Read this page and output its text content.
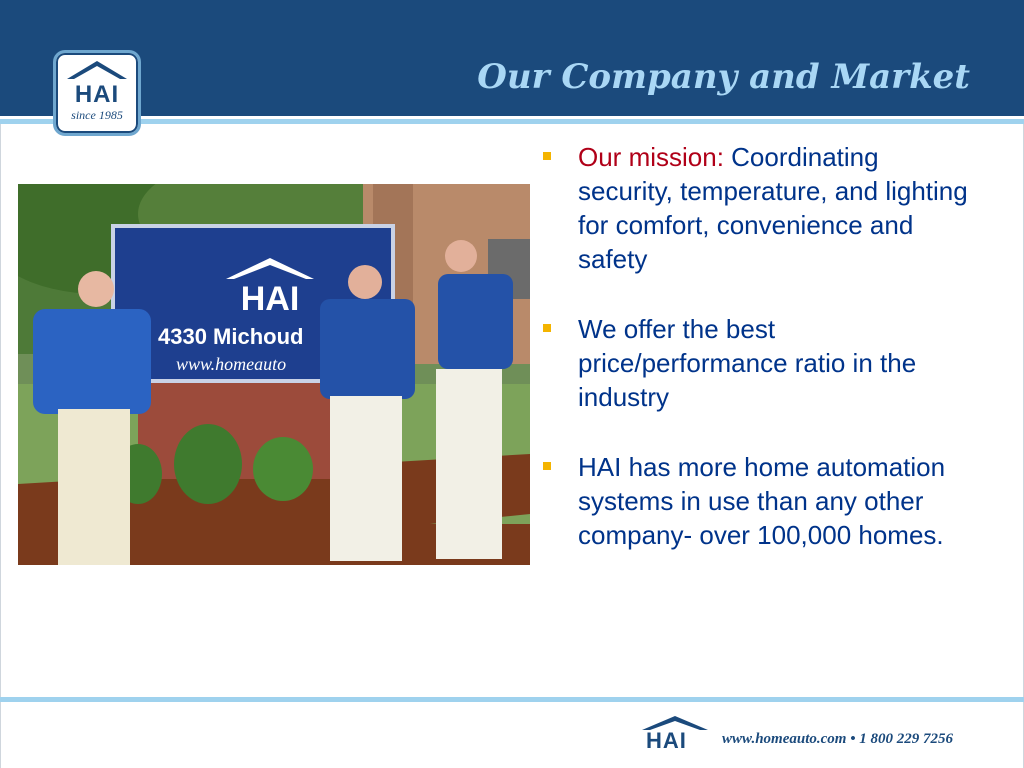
HAI
since 1985
Our Company and Market
HAI
4330 Michoud
www.homeauto
Our mission: Coordinating security, temperature, and lighting for comfort, convenience and safety
We offer the best price/performance ratio in the industry
HAI has more home automation systems in use than any other company- over 100,000 homes.
HAI www.homeauto.com • 1 800 229 7256
